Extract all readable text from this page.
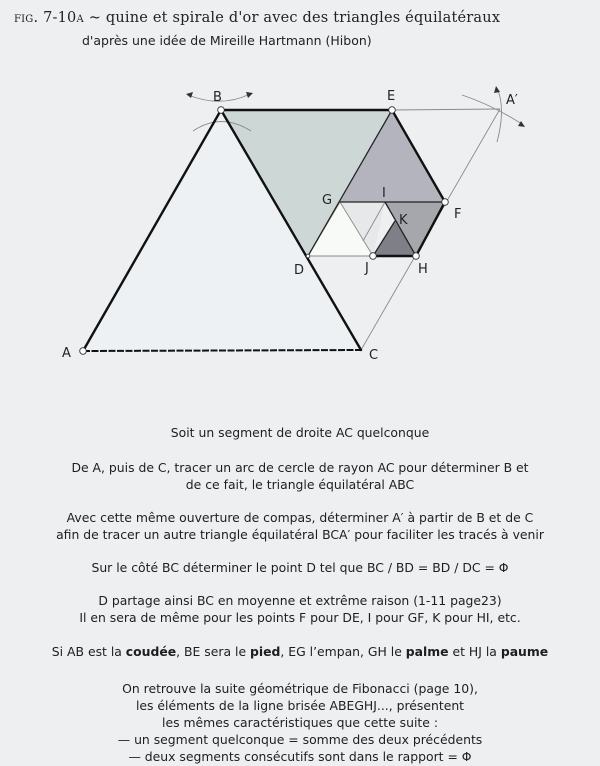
fig. 7-10a ~ quine et spirale d'or avec des triangles équilatéraux
d'après une idée de Mireille Hartmann (Hibon)
A
B
C
E	A′
D
F
G	I
J	H
K

Soit un segment de droite AC quelconque

De A, puis de C, tracer un arc de cercle de rayon AC pour déterminer B et

de ce fait, le triangle équilatéral ABC

Avec cette même ouverture de compas, déterminer A′ à partir de B et de C

afin de tracer un autre triangle équilatéral BCA′ pour faciliter les tracés à venir

Sur le côté BC déterminer le point D tel que BC / BD = BD / DC = Φ

D partage ainsi BC en moyenne et extrême raison (1-11 page23)

Il en sera de même pour les points F pour DE, I pour GF, K pour HI, etc.

Si AB est la coudée, BE sera le pied, EG l’empan, GH le palme et HJ la paume

On retrouve la suite géométrique de Fibonacci (page 10),

les éléments de la ligne brisée ABEGHJ..., présentent

les mêmes caractéristiques que cette suite :

— un segment quelconque = somme des deux précédents

— deux segments consécutifs sont dans le rapport = Φ
